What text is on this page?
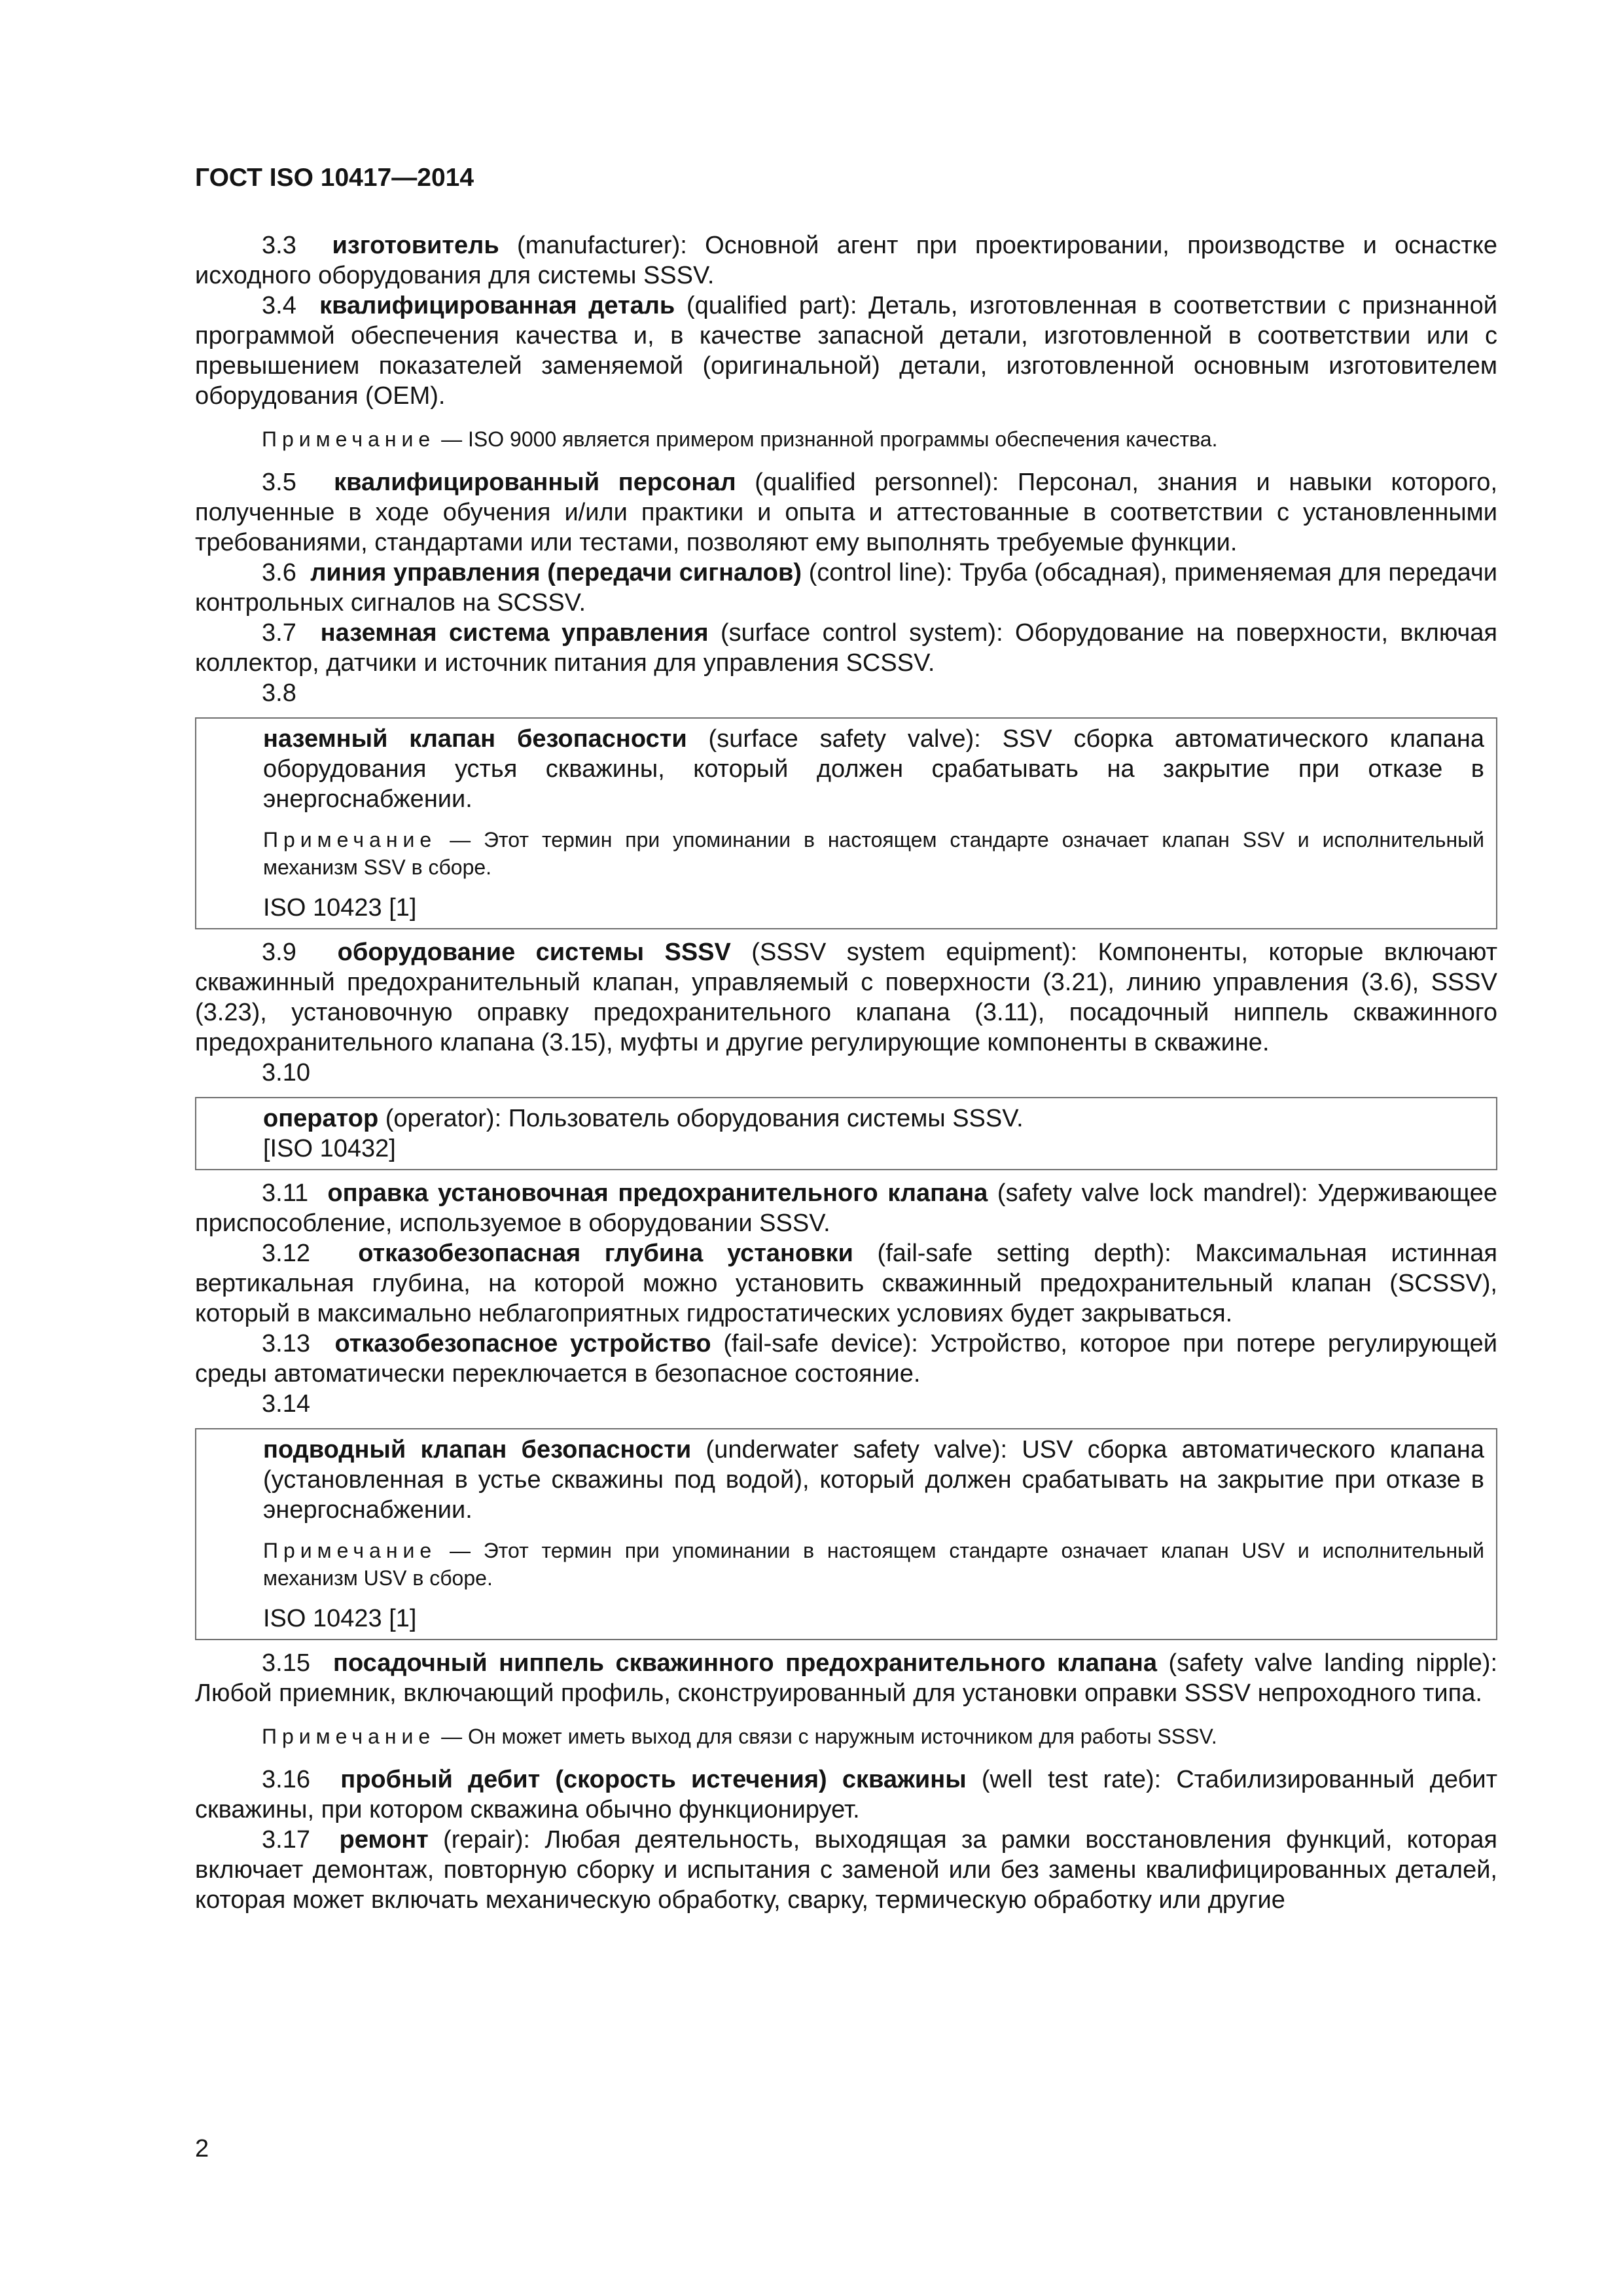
ГОСТ ISO 10417—2014

3.3 изготовитель (manufacturer): Основной агент при проектировании, производстве и оснастке исходного оборудования для системы SSSV.

3.4 квалифицированная деталь (qualified part): Деталь, изготовленная в соответствии с признанной программой обеспечения качества и, в качестве запасной детали, изготовленной в соответствии или с превышением показателей заменяемой (оригинальной) детали, изготовленной основным изготовителем оборудования (OEM).

Примечание — ISO 9000 является примером признанной программы обеспечения качества.

3.5 квалифицированный персонал (qualified personnel): Персонал, знания и навыки которого, полученные в ходе обучения и/или практики и опыта и аттестованные в соответствии с установленными требованиями, стандартами или тестами, позволяют ему выполнять требуемые функции.

3.6 линия управления (передачи сигналов) (control line): Труба (обсадная), применяемая для передачи контрольных сигналов на SCSSV.

3.7 наземная система управления (surface control system): Оборудование на поверхности, включая коллектор, датчики и источник питания для управления SCSSV.

3.8

наземный клапан безопасности (surface safety valve): SSV сборка автоматического клапана оборудования устья скважины, который должен срабатывать на закрытие при отказе в энергоснабжении.

Примечание — Этот термин при упоминании в настоящем стандарте означает клапан SSV и исполнительный механизм SSV в сборе.

ISO 10423 [1]

3.9 оборудование системы SSSV (SSSV system equipment): Компоненты, которые включают скважинный предохранительный клапан, управляемый с поверхности (3.21), линию управления (3.6), SSSV (3.23), установочную оправку предохранительного клапана (3.11), посадочный ниппель скважинного предохранительного клапана (3.15), муфты и другие регулирующие компоненты в скважине.

3.10

оператор (operator): Пользователь оборудования системы SSSV.

[ISO 10432]

3.11 оправка установочная предохранительного клапана (safety valve lock mandrel): Удерживающее приспособление, используемое в оборудовании SSSV.

3.12 отказобезопасная глубина установки (fail-safe setting depth): Максимальная истинная вертикальная глубина, на которой можно установить скважинный предохранительный клапан (SCSSV), который в максимально неблагоприятных гидростатических условиях будет закрываться.

3.13 отказобезопасное устройство (fail-safe device): Устройство, которое при потере регулирующей среды автоматически переключается в безопасное состояние.

3.14

подводный клапан безопасности (underwater safety valve): USV сборка автоматического клапана (установленная в устье скважины под водой), который должен срабатывать на закрытие при отказе в энергоснабжении.

Примечание — Этот термин при упоминании в настоящем стандарте означает клапан USV и исполнительный механизм USV в сборе.

ISO 10423 [1]

3.15 посадочный ниппель скважинного предохранительного клапана (safety valve landing nipple): Любой приемник, включающий профиль, сконструированный для установки оправки SSSV непроходного типа.

Примечание — Он может иметь выход для связи с наружным источником для работы SSSV.

3.16 пробный дебит (скорость истечения) скважины (well test rate): Стабилизированный дебит скважины, при котором скважина обычно функционирует.

3.17 ремонт (repair): Любая деятельность, выходящая за рамки восстановления функций, которая включает демонтаж, повторную сборку и испытания с заменой или без замены квалифицированных деталей, которая может включать механическую обработку, сварку, термическую обработку или другие

2
